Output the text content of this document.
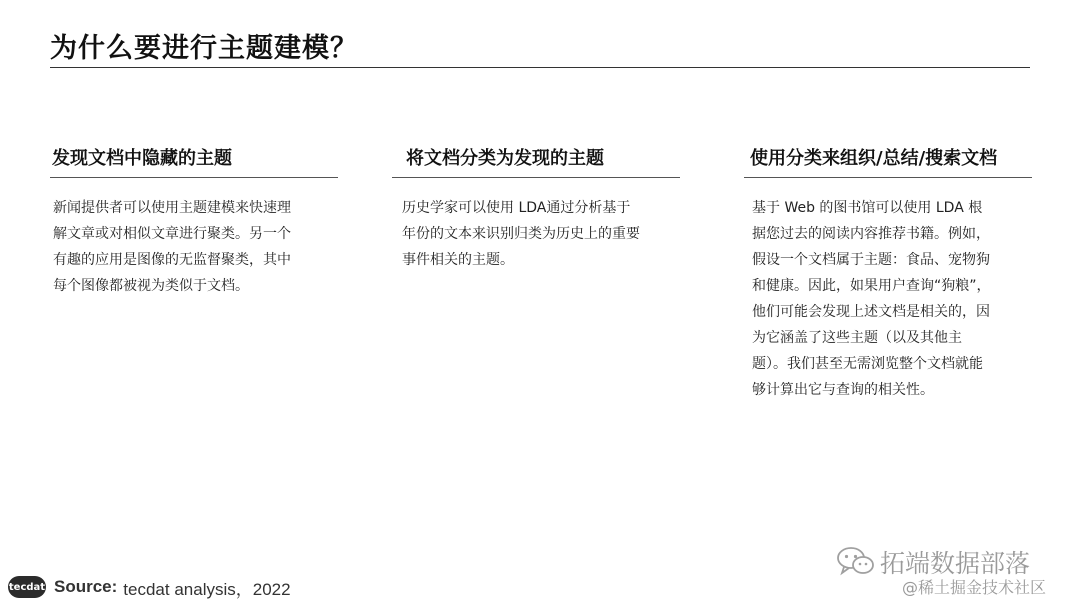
为什么要进行主题建模？
发现文档中隐藏的主题
新闻提供者可以使用主题建模来快速理解文章或对相似文章进行聚类。另一个有趣的应用是图像的无监督聚类，其中每个图像都被视为类似于文档。
将文档分类为发现的主题
历史学家可以使用 LDA通过分析基于年份的文本来识别归类为历史上的重要事件相关的主题。
使用分类来组织/总结/搜索文档
基于 Web 的图书馆可以使用 LDA 根据您过去的阅读内容推荐书籍。例如，假设一个文档属于主题：食品、宠物狗和健康。因此，如果用户查询“狗粮”，他们可能会发现上述文档是相关的，因为它涵盖了这些主题（以及其他主题）。我们甚至无需浏览整个文档就能够计算出它与查询的相关性。
tecdat Source: tecdat analysis，2022
拓端数据部落
@稀土掘金技术社区
